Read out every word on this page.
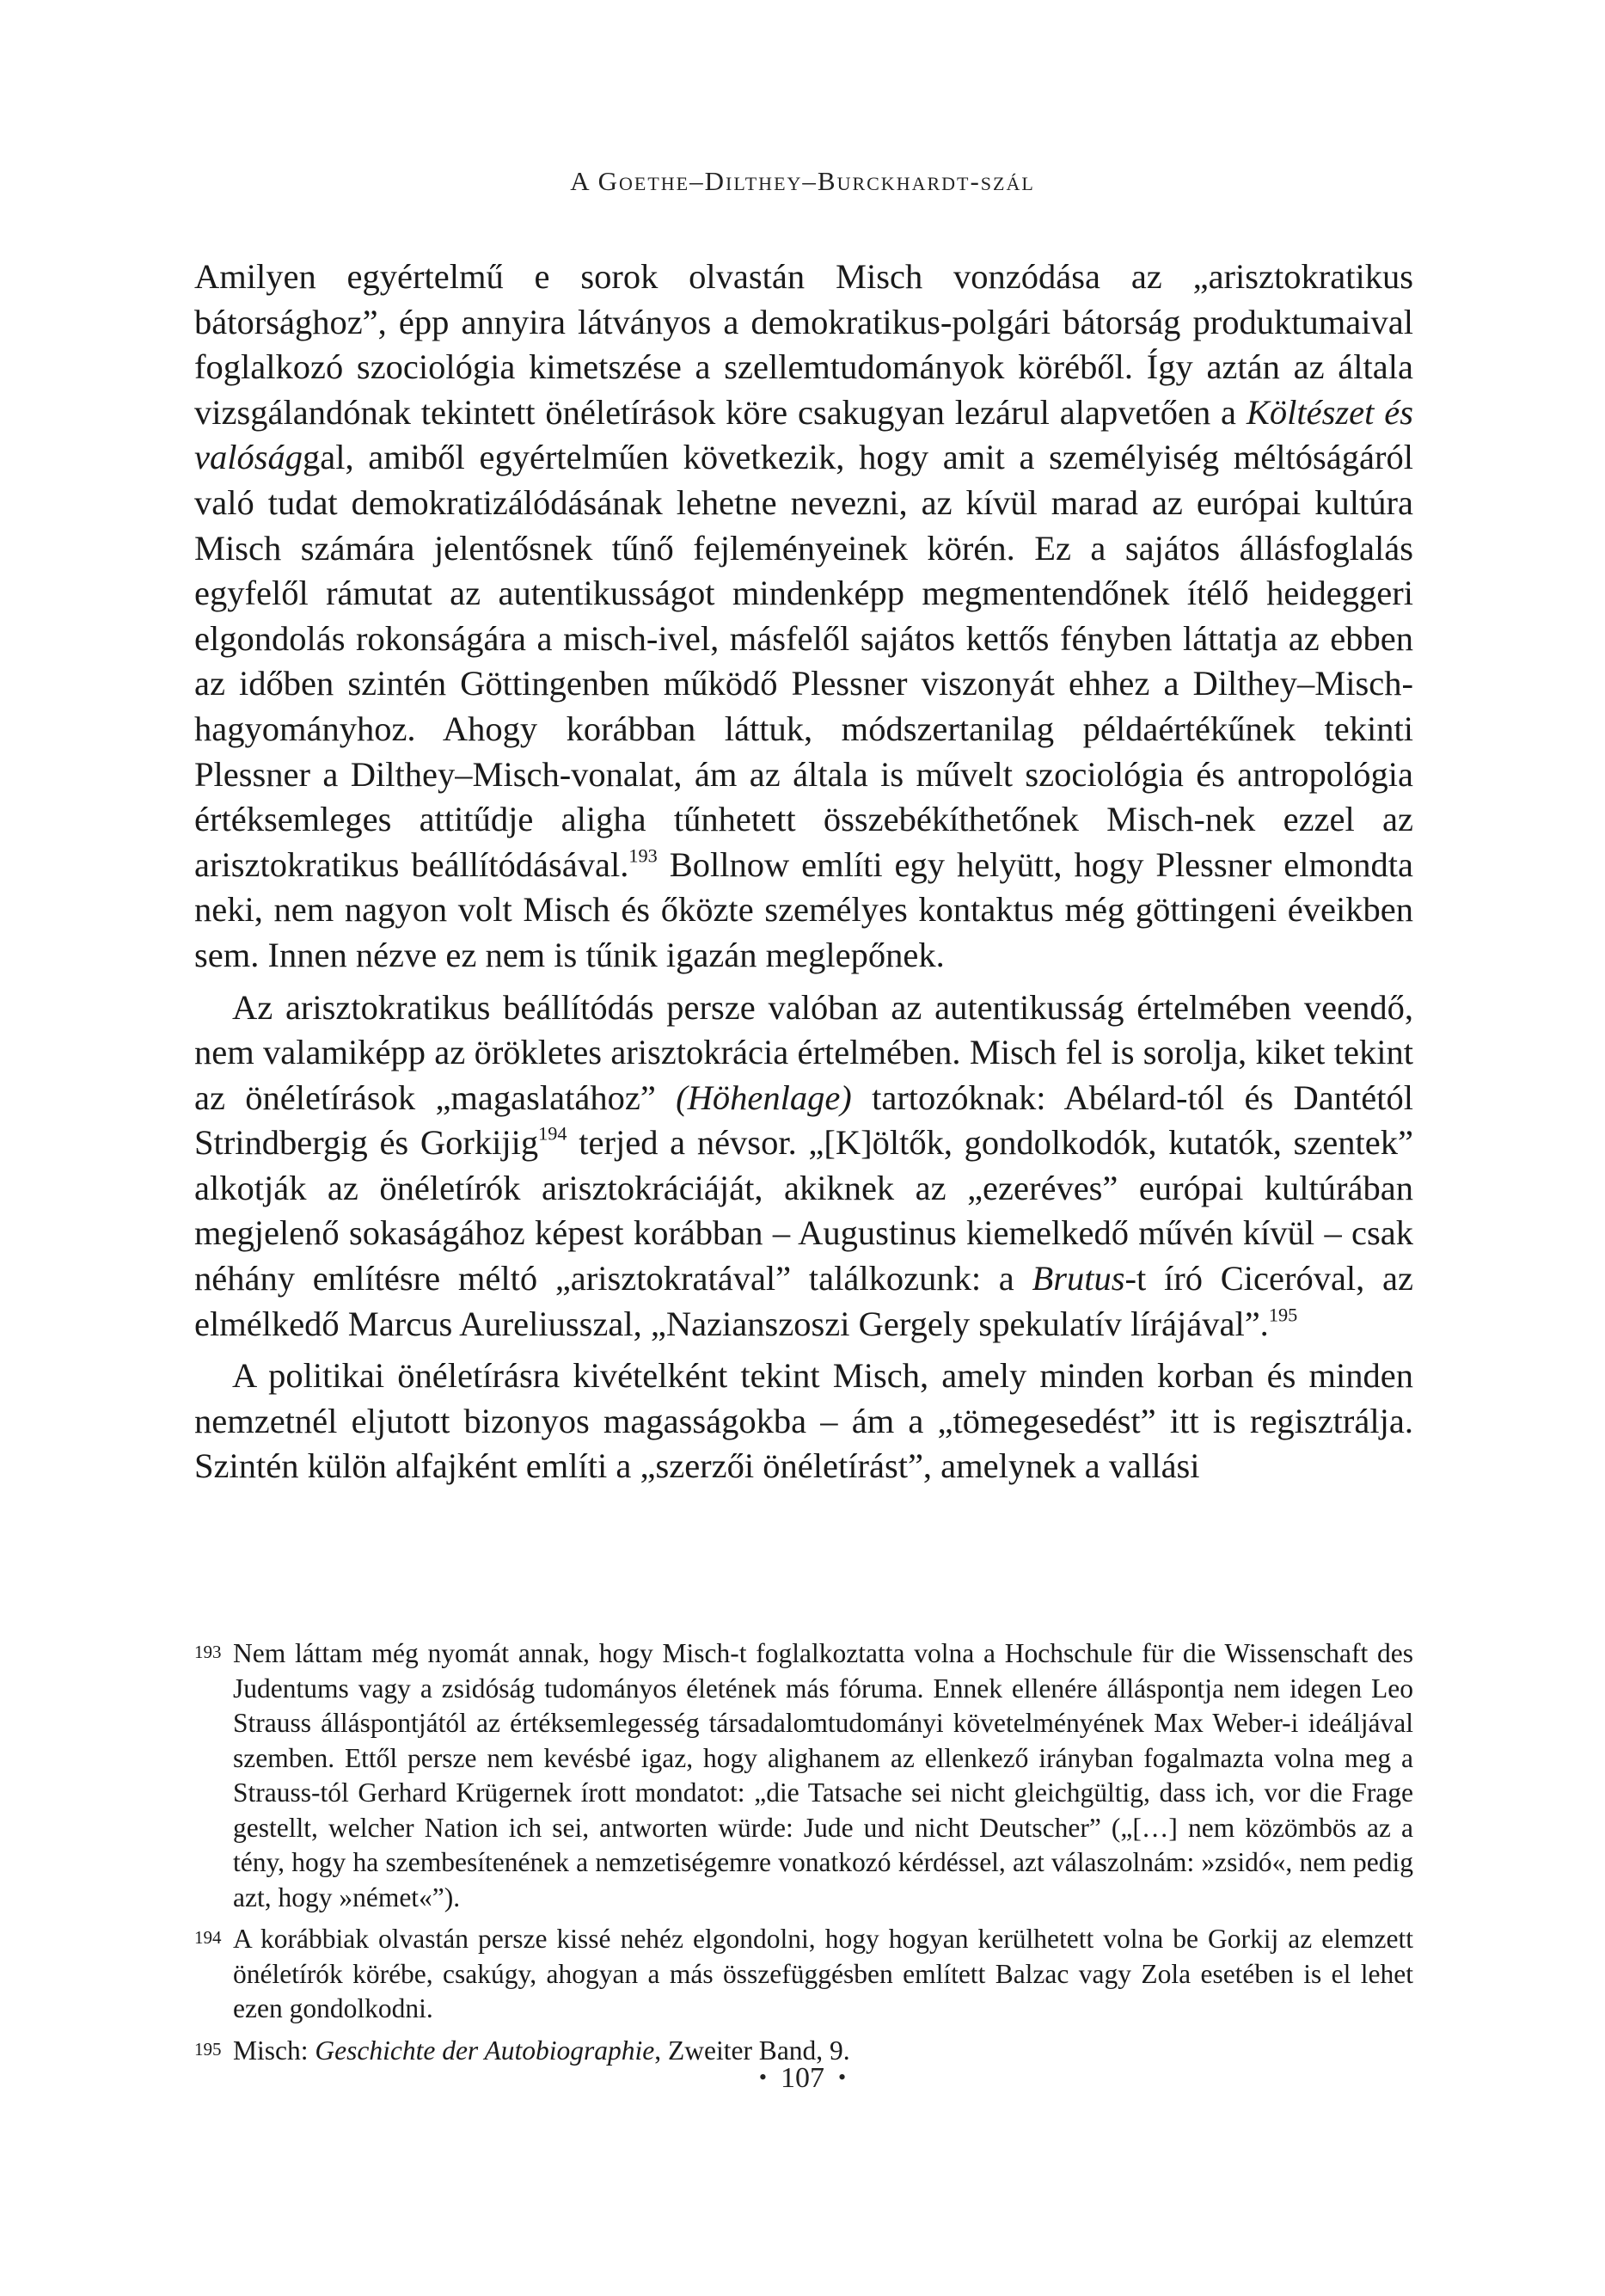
A Goethe–Dilthey–Burckhardt-szál

Amilyen egyértelmű e sorok olvastán Misch vonzódása az „arisztokratikus bátorsághoz”, épp annyira látványos a demokratikus-polgári bátorság produktumaival foglalkozó szociológia kimetszése a szellemtudományok köréből. Így aztán az általa vizsgálandónak tekintett önéletírások köre csakugyan lezárul alapvetően a Költészet és valósággal, amiből egyértelműen következik, hogy amit a személyiség méltóságáról való tudat demokratizálódásának lehetne nevezni, az kívül marad az európai kultúra Misch számára jelentősnek tűnő fejleményeinek körén. Ez a sajátos állásfoglalás egyfelől rámutat az autentikusságot mindenképp megmentendőnek ítélő heideggeri elgondolás rokonságára a misch-ivel, másfelől sajátos kettős fényben láttatja az ebben az időben szintén Göttingenben működő Plessner viszonyát ehhez a Dilthey–Misch-hagyományhoz. Ahogy korábban láttuk, módszertanilag példaértékűnek tekinti Plessner a Dilthey–Misch-vonalat, ám az általa is művelt szociológia és antropológia értéksemleges attitűdje aligha tűnhetett összebékíthetőnek Misch-nek ezzel az arisztokratikus beállítódásával.$^{193}$ Bollnow említi egy helyütt, hogy Plessner elmondta neki, nem nagyon volt Misch és őközte személyes kontaktus még göttingeni éveikben sem. Innen nézve ez nem is tűnik igazán meglepőnek.

Az arisztokratikus beállítódás persze valóban az autentikusság értelmében veendő, nem valamiképp az örökletes arisztokrácia értelmében. Misch fel is sorolja, kiket tekint az önéletírások „magaslatához” (Höhenlage) tartozóknak: Abélard-tól és Dantétól Strindbergig és Gorkijig$^{194}$ terjed a névsor. „[K]öltők, gondolkodók, kutatók, szentek” alkotják az önéletírók arisztokráciáját, akiknek az „ezeréves” európai kultúrában megjelenő sokaságához képest korábban – Augustinus kiemelkedő művén kívül – csak néhány említésre méltó „arisztokratával” találkozunk: a Brutus-t író Ciceróval, az elmélkedő Marcus Aureliusszal, „Nazianszoszi Gergely spekulatív lírájával”.$^{195}$

A politikai önéletírásra kivételként tekint Misch, amely minden korban és minden nemzetnél eljutott bizonyos magasságokba – ám a „tömegesedést” itt is regisztrálja. Szintén külön alfajként említi a „szerzői önéletírást”, amelynek a vallási

193 Nem láttam még nyomát annak, hogy Misch-t foglalkoztatta volna a Hochschule für die Wissenschaft des Judentums vagy a zsidóság tudományos életének más fóruma. Ennek ellenére álláspontja nem idegen Leo Strauss álláspontjától az értéksemlegesség társadalomtudományi követelményének Max Weber-i ideáljával szemben. Ettől persze nem kevésbé igaz, hogy alighanem az ellenkező irányban fogalmazta volna meg a Strauss-tól Gerhard Krügernek írott mondatot: „die Tatsache sei nicht gleichgültig, dass ich, vor die Frage gestellt, welcher Nation ich sei, antworten würde: Jude und nicht Deutscher” („[…] nem közömbös az a tény, hogy ha szembesítenének a nemzetiségemre vonatkozó kérdéssel, azt válaszolnám: »zsidó«, nem pedig azt, hogy »német«”).
194 A korábbiak olvastán persze kissé nehéz elgondolni, hogy hogyan kerülhetett volna be Gorkij az elemzett önéletírók körébe, csakúgy, ahogyan a más összefüggésben említett Balzac vagy Zola esetében is el lehet ezen gondolkodni.
195 Misch: Geschichte der Autobiographie, Zweiter Band, 9.
• 107 •
